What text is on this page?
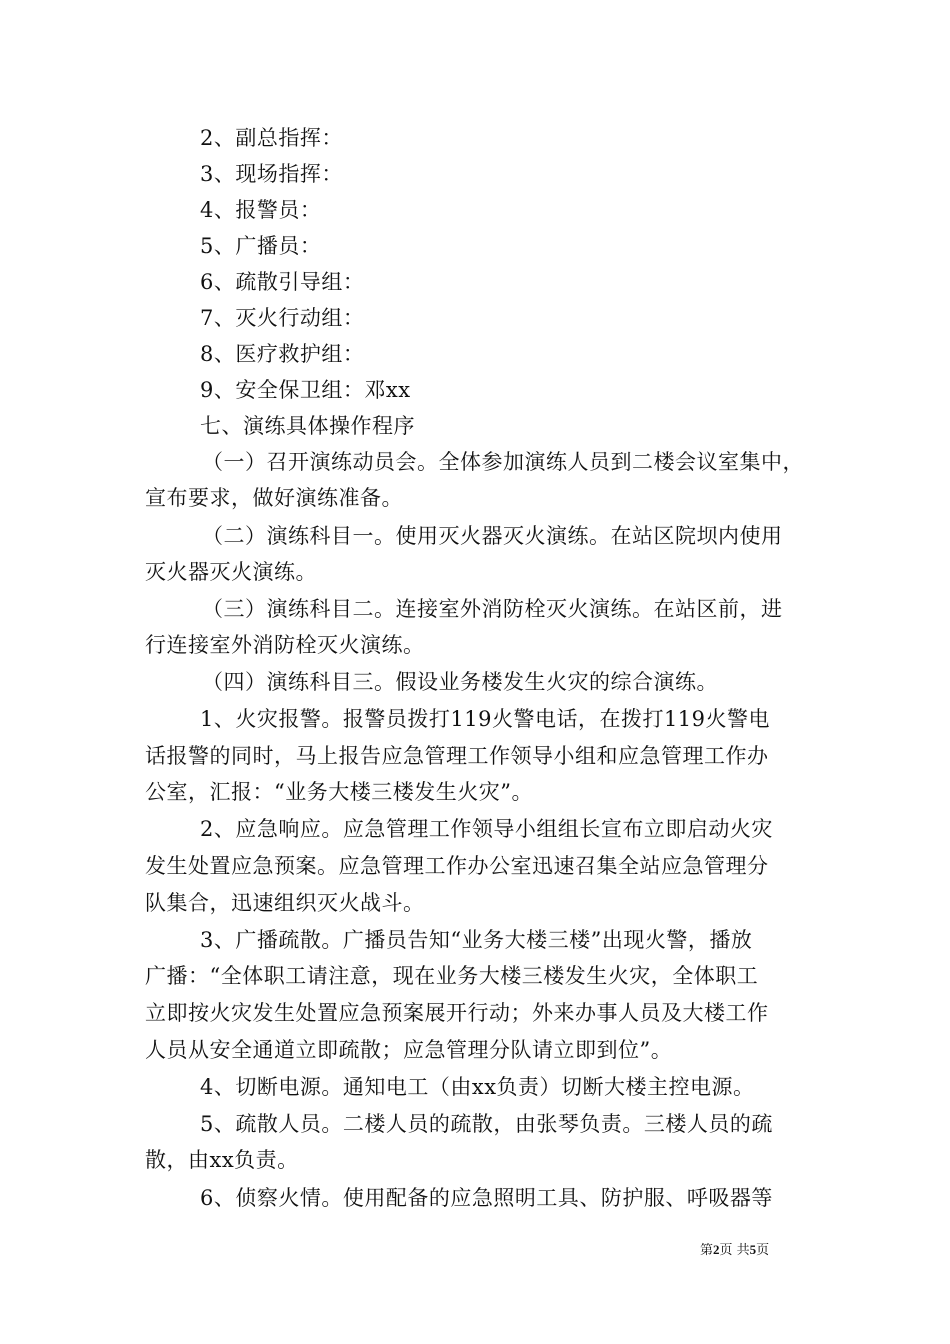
2、副总指挥：
3、现场指挥：
4、报警员：
5、广播员：
6、疏散引导组：
7、灭火行动组：
8、医疗救护组：
9、安全保卫组：邓xx
七、演练具体操作程序
（一）召开演练动员会。全体参加演练人员到二楼会议室集中，
宣布要求，做好演练准备。
（二）演练科目一。使用灭火器灭火演练。在站区院坝内使用
灭火器灭火演练。
（三）演练科目二。连接室外消防栓灭火演练。在站区前，进
行连接室外消防栓灭火演练。
（四）演练科目三。假设业务楼发生火灾的综合演练。
1、火灾报警。报警员拨打119火警电话，在拨打119火警电
话报警的同时，马上报告应急管理工作领导小组和应急管理工作办
公室，汇报：“业务大楼三楼发生火灾”。
2、应急响应。应急管理工作领导小组组长宣布立即启动火灾
发生处置应急预案。应急管理工作办公室迅速召集全站应急管理分
队集合，迅速组织灭火战斗。
3、广播疏散。广播员告知“业务大楼三楼”出现火警，播放
广播：“全体职工请注意，现在业务大楼三楼发生火灾，全体职工
立即按火灾发生处置应急预案展开行动；外来办事人员及大楼工作
人员从安全通道立即疏散；应急管理分队请立即到位”。
4、切断电源。通知电工（由xx负责）切断大楼主控电源。
5、疏散人员。二楼人员的疏散，由张琴负责。三楼人员的疏
散，由xx负责。
6、侦察火情。使用配备的应急照明工具、防护服、呼吸器等
第2页 共5页
